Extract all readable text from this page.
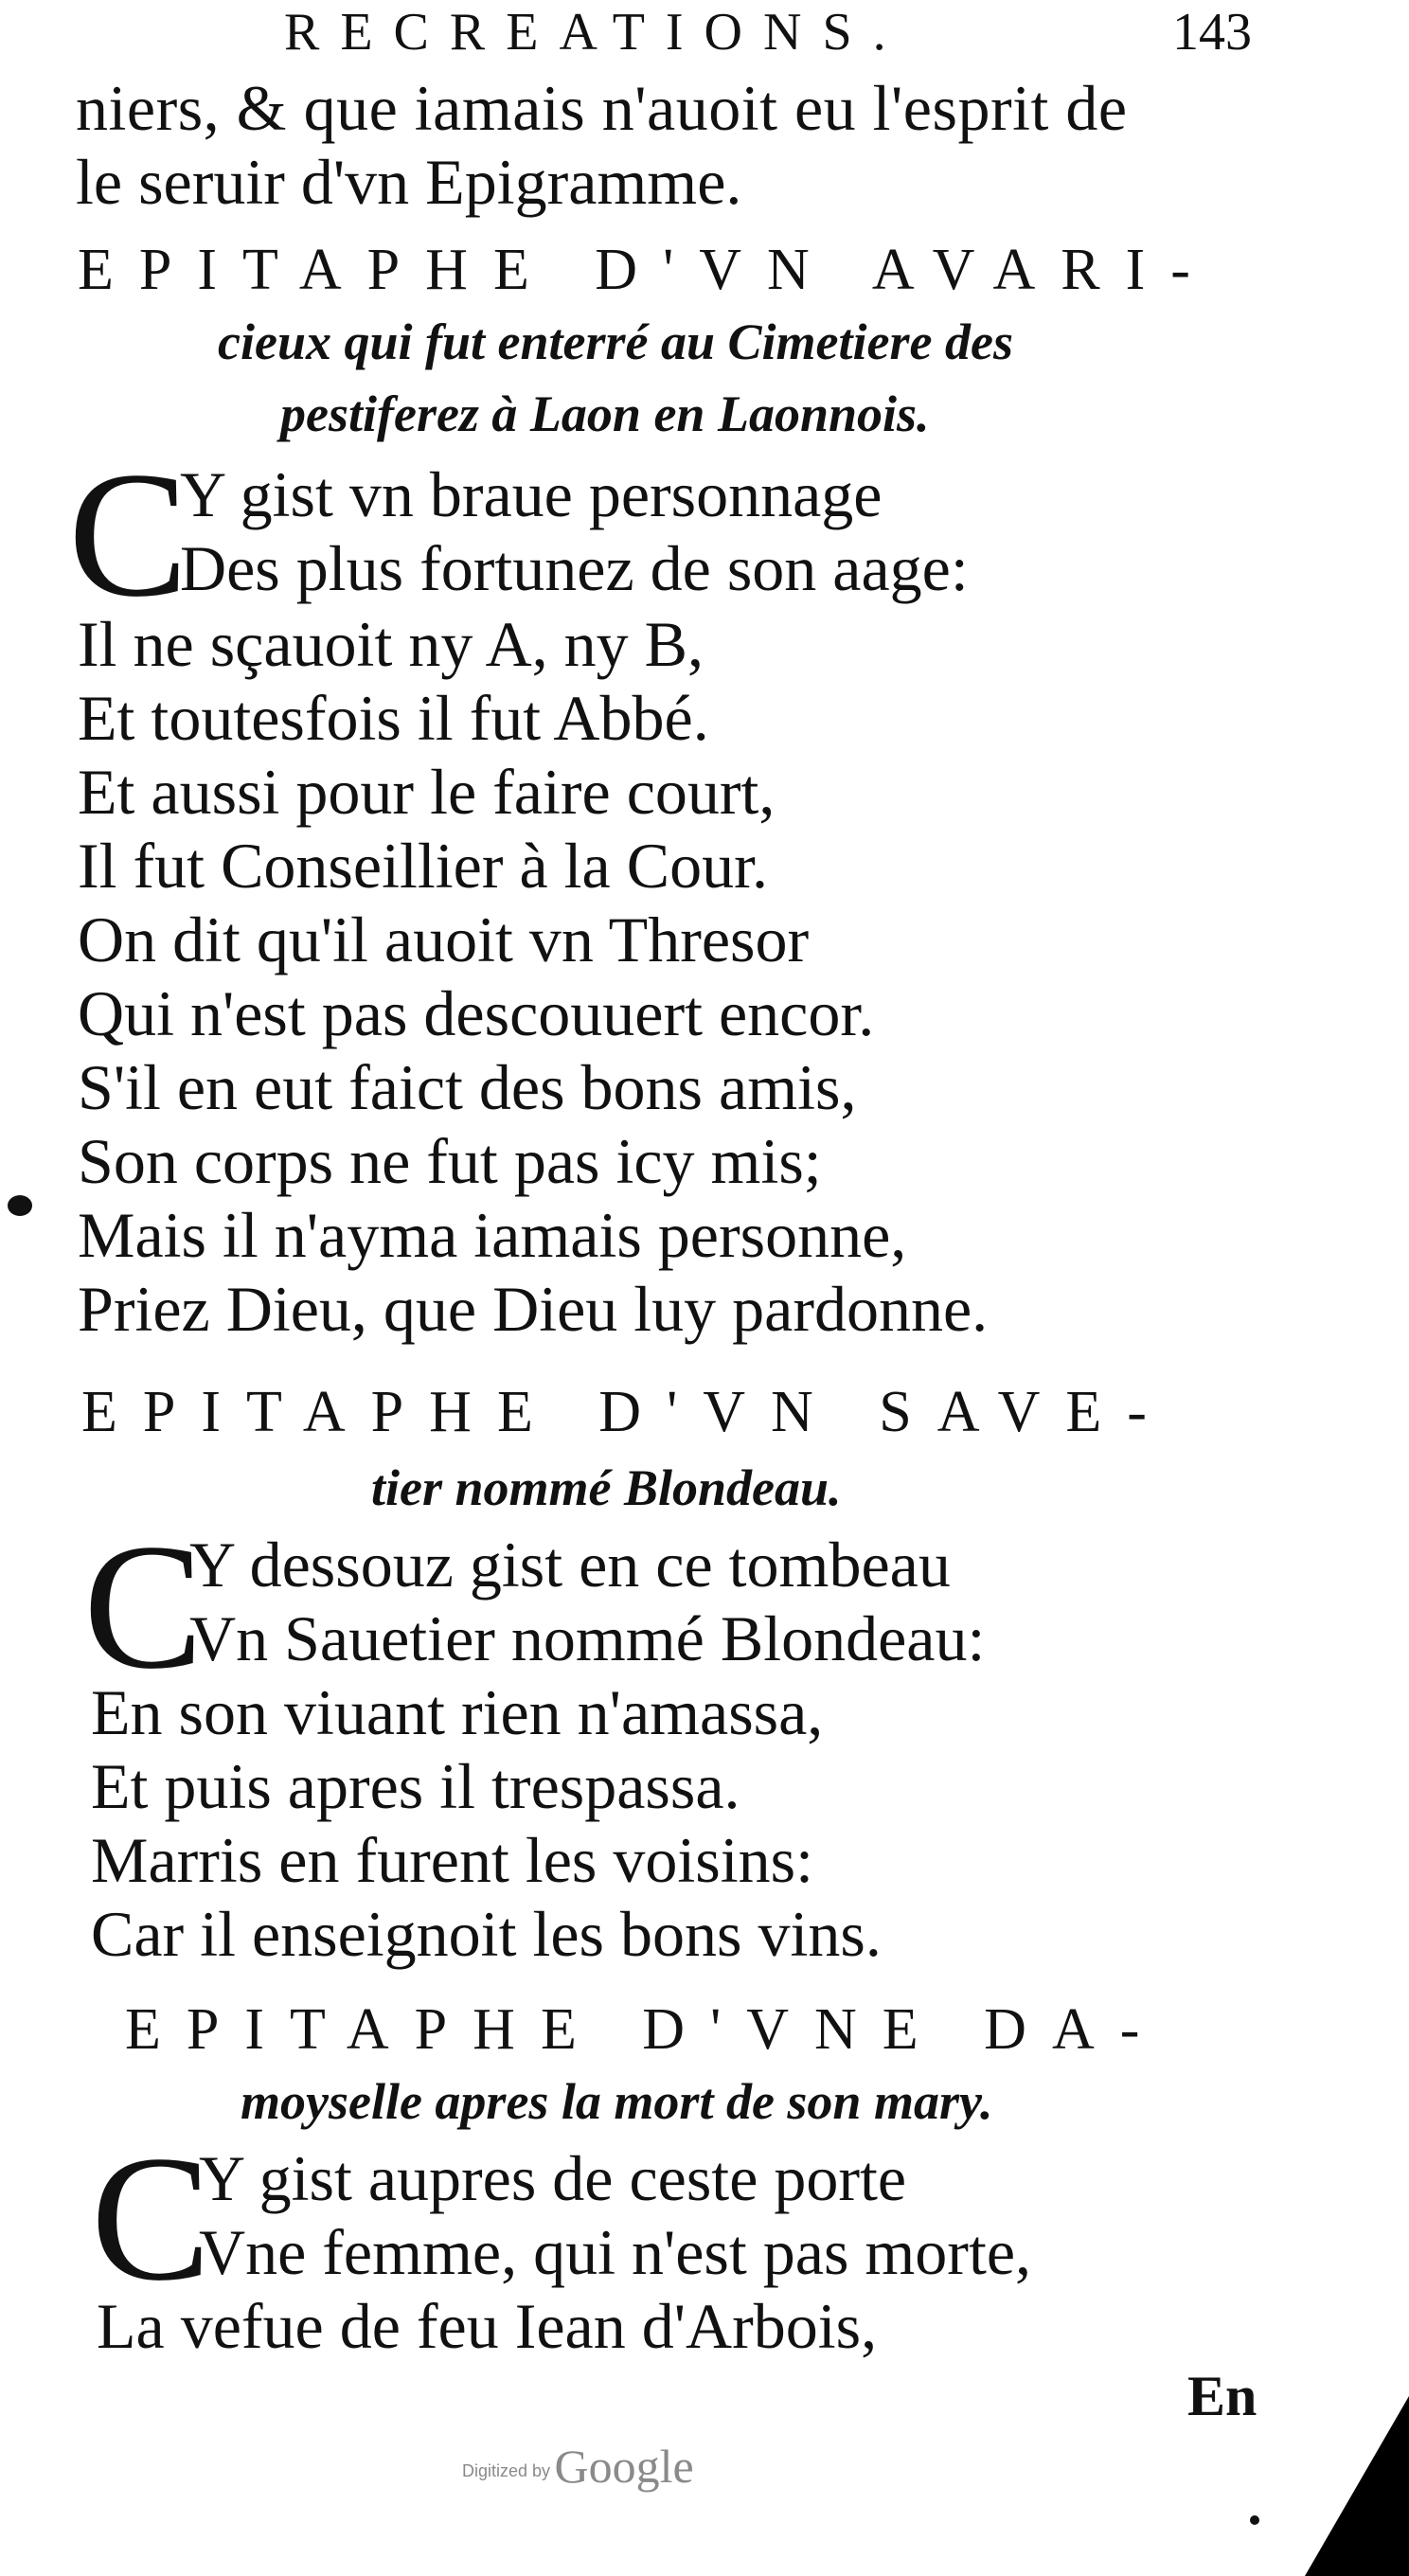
RECREATIONS.	143
niers, & que iamais n'auoit eu l'esprit de
le seruir d'vn Epigramme.
EPITAPHE D'VN AVARI-
cieux qui fut enterré au Cimetiere des
pestiferez à Laon en Laonnois.
C
Y gist vn braue personnage
Des plus fortunez de son aage:
Il ne sçauoit ny A, ny B,
Et toutesfois il fut Abbé.
Et aussi pour le faire court,
Il fut Conseillier à la Cour.
On dit qu'il auoit vn Thresor
Qui n'est pas descouuert encor.
S'il en eut faict des bons amis,
Son corps ne fut pas icy mis;
Mais il n'ayma iamais personne,
Priez Dieu, que Dieu luy pardonne.
EPITAPHE D'VN SAVE-
tier nommé Blondeau.
C
Y dessouz gist en ce tombeau
Vn Sauetier nommé Blondeau:
En son viuant rien n'amassa,
Et puis apres il trespassa.
Marris en furent les voisins:
Car il enseignoit les bons vins.
EPITAPHE D'VNE DA-
moyselle apres la mort de son mary.
C
Y gist aupres de ceste porte
Vne femme, qui n'est pas morte,
La vefue de feu Iean d'Arbois,
En
Digitized by Google
